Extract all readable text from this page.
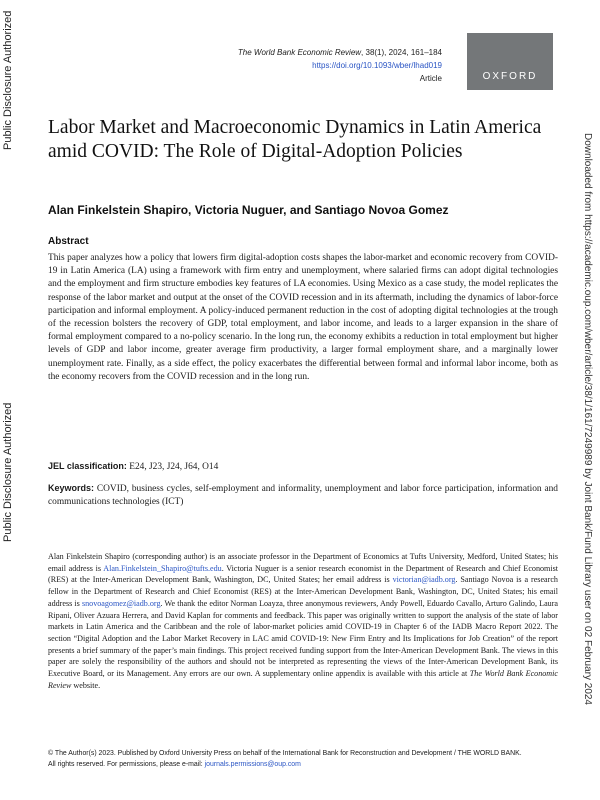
Public Disclosure Authorized
Public Disclosure Authorized	Downloaded from https://academic.oup.com/wber/article/38/1/161/7249989 by Joint Bank/Fund Library user on 02 February 2024
The World Bank Economic Review, 38(1), 2024, 161–184
https://doi.org/10.1093/wber/lhad019
Article	OXFORD
Labor Market and Macroeconomic Dynamics in Latin America amid COVID: The Role of Digital-Adoption Policies
Alan Finkelstein Shapiro, Victoria Nuguer, and Santiago Novoa Gomez
Abstract

This paper analyzes how a policy that lowers firm digital-adoption costs shapes the labor-market and economic recovery from COVID-19 in Latin America (LA) using a framework with firm entry and unemployment, where salaried firms can adopt digital technologies and the employment and firm structure embodies key features of LA economies. Using Mexico as a case study, the model replicates the response of the labor market and output at the onset of the COVID recession and in its aftermath, including the dynamics of labor-force participation and informal employment. A policy-induced permanent reduction in the cost of adopting digital technologies at the trough of the recession bolsters the recovery of GDP, total employment, and labor income, and leads to a larger expansion in the share of formal employment compared to a no-policy scenario. In the long run, the economy exhibits a reduction in total employment but higher levels of GDP and labor income, greater average firm productivity, a larger formal employment share, and a marginally lower unemployment rate. Finally, as a side effect, the policy exacerbates the differential between formal and informal labor income, both as the economy recovers from the COVID recession and in the long run.

JEL classification: E24, J23, J24, J64, O14
Keywords: COVID, business cycles, self-employment and informality, unemployment and labor force participation, information and communications technologies (ICT)

Alan Finkelstein Shapiro (corresponding author) is an associate professor in the Department of Economics at Tufts University, Medford, United States; his email address is Alan.Finkelstein_Shapiro@tufts.edu. Victoria Nuguer is a senior research economist in the Department of Research and Chief Economist (RES) at the Inter-American Development Bank, Washington, DC, United States; her email address is victorian@iadb.org. Santiago Novoa is a research fellow in the Department of Research and Chief Economist (RES) at the Inter-American Development Bank, Washington, DC, United States; his email address is snovoagomez@iadb.org. We thank the editor Norman Loayza, three anonymous reviewers, Andy Powell, Eduardo Cavallo, Arturo Galindo, Laura Ripani, Oliver Azuara Herrera, and David Kaplan for comments and feedback. This paper was originally written to support the analysis of the state of labor markets in Latin America and the Caribbean and the role of labor-market policies amid COVID-19 in Chapter 6 of the IADB Macro Report 2022. The section “Digital Adoption and the Labor Market Recovery in LAC amid COVID-19: New Firm Entry and Its Implications for Job Creation” of the report presents a brief summary of the paper’s main findings. This project received funding support from the Inter-American Development Bank. The views in this paper are solely the responsibility of the authors and should not be interpreted as representing the views of the Inter-American Development Bank, its Executive Board, or its Management. Any errors are our own. A supplementary online appendix is available with this article at The World Bank Economic Review website.

© The Author(s) 2023. Published by Oxford University Press on behalf of the International Bank for Reconstruction and Development / THE WORLD BANK.
All rights reserved. For permissions, please e-mail: journals.permissions@oup.com
